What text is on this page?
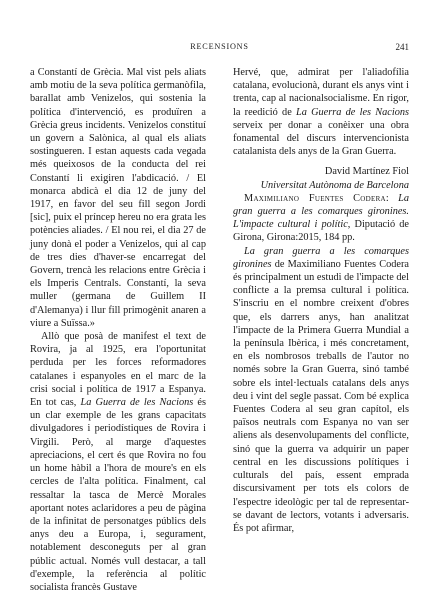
RECENSIONS	241

a Constantí de Grècia. Mal vist pels aliats amb motiu de la seva política germanòfila, barallat amb Venizelos, qui sostenia la política d'intervenció, es produïren a Grècia greus incidents. Venizelos constituí un govern a Salònica, al qual els aliats sostingueren. I estan aquests cada vegada més queixosos de la conducta del rei Constantí li exigiren l'abdicació. / El monarca abdicà el dia 12 de juny del 1917, en favor del seu fill segon Jordi [sic], puix el príncep hereu no era grata les potències aliades. / El nou rei, el dia 27 de juny donà el poder a Venizelos, qui al cap de tres dies d'haver-se encarregat del Govern, trencà les relacions entre Grècia i els Imperis Centrals. Constantí, la seva muller (germana de Guillem II d'Alemanya) i llur fill primogènit anaren a viure a Suïssa.»

Allò que posà de manifest el text de Rovira, ja al 1925, era l'oportunitat perduda per les forces reformadores catalanes i espanyoles en el marc de la crisi social i política de 1917 a Espanya. En tot cas, La Guerra de les Nacions és un clar exemple de les grans capacitats divulgadores i periodístiques de Rovira i Virgili. Però, al marge d'aquestes apreciacions, el cert és que Rovira no fou un home hàbil a l'hora de moure's en els cercles de l'alta política. Finalment, cal ressaltar la tasca de Mercè Morales aportant notes aclaridores a peu de pàgina de la infinitat de personatges públics dels anys deu a Europa, i, segurament, notablement desconeguts per al gran públic actual. Només vull destacar, a tall d'exemple, la referència al polític socialista francès Gustave

Hervé, que, admirat per l'aliadofília catalana, evolucionà, durant els anys vint i trenta, cap al nacionalsocialisme. En rigor, la reedició de La Guerra de les Nacions serveix per donar a conèixer una obra fonamental del discurs intervencionista catalanista dels anys de la Gran Guerra.

David Martínez Fiol
Universitat Autònoma de Barcelona

Maximiliano Fuentes Codera: La gran guerra a les comarques gironines. L'impacte cultural i polític, Diputació de Girona, Girona:2015, 184 pp.

La gran guerra a les comarques gironines de Maximiliano Fuentes Codera és principalment un estudi de l'impacte del conflicte a la premsa cultural i política. S'inscriu en el nombre creixent d'obres que, els darrers anys, han analitzat l'impacte de la Primera Guerra Mundial a la península Ibèrica, i més concretament, en els nombrosos treballs de l'autor no només sobre la Gran Guerra, sinó també sobre els intel·lectuals catalans dels anys deu i vint del segle passat. Com bé explica Fuentes Codera al seu gran capítol, els països neutrals com Espanya no van ser aliens als desenvolupaments del conflicte, sinó que la guerra va adquirir un paper central en les discussions polítiques i culturals del país, essent emprada discursivament per tots els colors de l'espectre ideològic per tal de representar-se davant de lectors, votants i adversaris. És pot afirmar,
